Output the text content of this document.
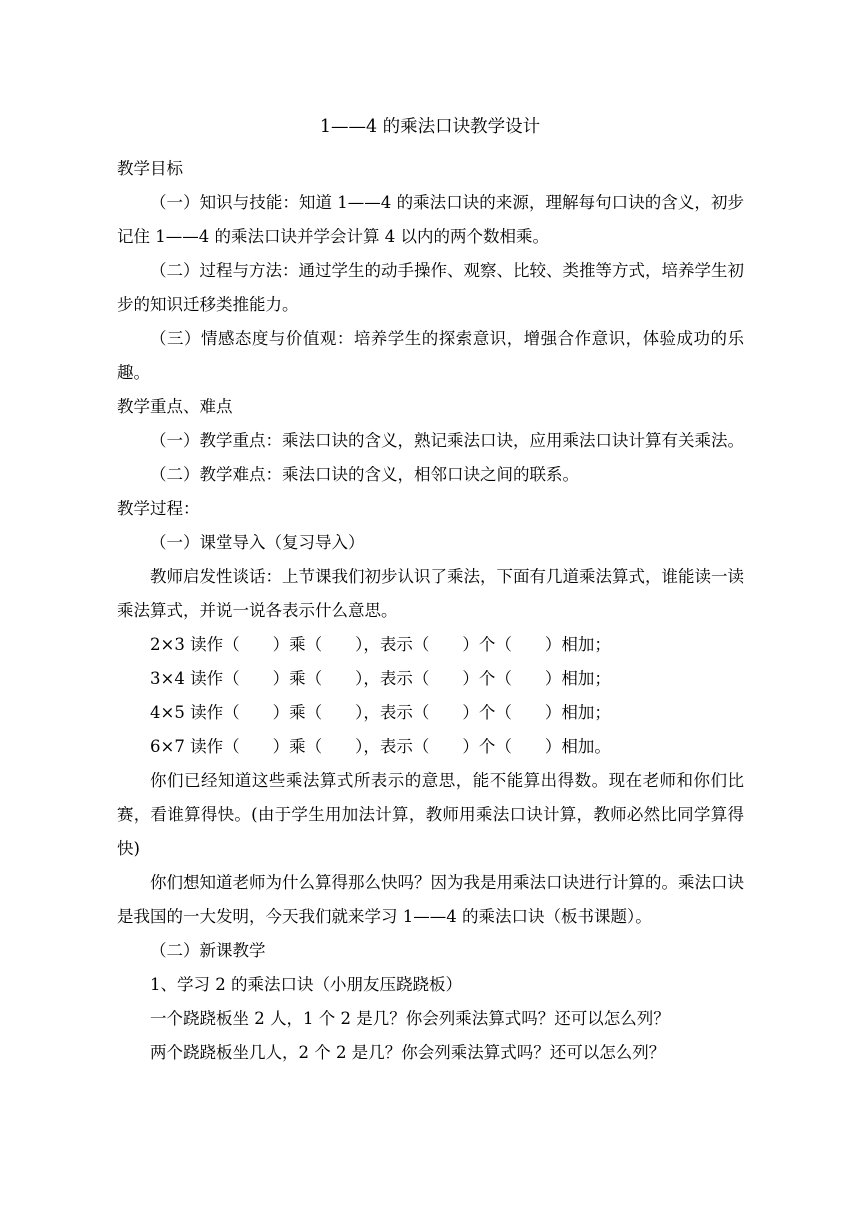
1——4 的乘法口诀教学设计

教学目标

（一）知识与技能：知道 1——4 的乘法口诀的来源，理解每句口诀的含义，初步记住 1——4 的乘法口诀并学会计算 4 以内的两个数相乘。

（二）过程与方法：通过学生的动手操作、观察、比较、类推等方式，培养学生初步的知识迁移类推能力。

（三）情感态度与价值观：培养学生的探索意识，增强合作意识，体验成功的乐趣。

教学重点、难点

（一）教学重点：乘法口诀的含义，熟记乘法口诀，应用乘法口诀计算有关乘法。

（二）教学难点：乘法口诀的含义，相邻口诀之间的联系。

教学过程：

（一）课堂导入（复习导入）

教师启发性谈话：上节课我们初步认识了乘法，下面有几道乘法算式，谁能读一读乘法算式，并说一说各表示什么意思。

2×3 读作（　　）乘（　　），表示（　　）个（　　）相加；

3×4 读作（　　）乘（　　），表示（　　）个（　　）相加；

4×5 读作（　　）乘（　　），表示（　　）个（　　）相加；

6×7 读作（　　）乘（　　），表示（　　）个（　　）相加。

你们已经知道这些乘法算式所表示的意思，能不能算出得数。现在老师和你们比赛，看谁算得快。(由于学生用加法计算，教师用乘法口诀计算，教师必然比同学算得快)

你们想知道老师为什么算得那么快吗？因为我是用乘法口诀进行计算的。乘法口诀是我国的一大发明，今天我们就来学习 1——4 的乘法口诀（板书课题）。

（二）新课教学

1、学习 2 的乘法口诀（小朋友压跷跷板）

一个跷跷板坐 2 人，1 个 2 是几？你会列乘法算式吗？还可以怎么列？

两个跷跷板坐几人，2 个 2 是几？你会列乘法算式吗？还可以怎么列？
